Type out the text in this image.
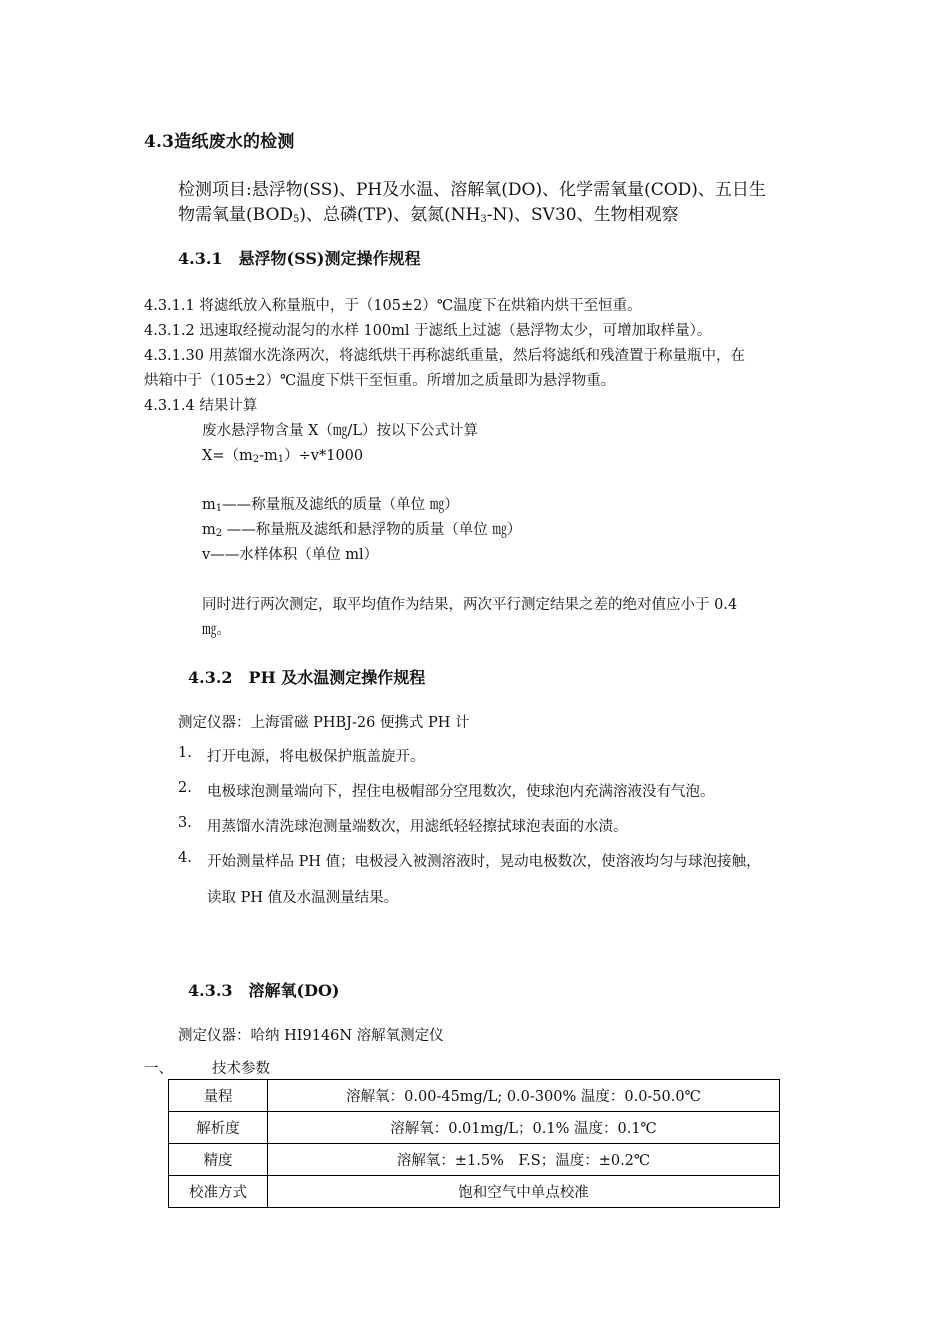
4.3造纸废水的检测
检测项目:悬浮物(SS)、PH及水温、溶解氧(DO)、化学需氧量(COD)、五日生
物需氧量$(BOD_5)$、总磷(TP)、氨氮$(NH_3-N)$、SV30、生物相观察
4.3.1　悬浮物(SS)测定操作规程
4.3.1.1 将滤纸放入称量瓶中，于（105±2）℃温度下在烘箱内烘干至恒重。
4.3.1.2 迅速取经搅动混匀的水样 100ml 于滤纸上过滤（悬浮物太少，可增加取样量）。
4.3.1.30 用蒸馏水洗涤两次，将滤纸烘干再称滤纸重量，然后将滤纸和残渣置于称量瓶中，在
烘箱中于（105±2）℃温度下烘干至恒重。所增加之质量即为悬浮物重。
4.3.1.4 结果计算
废水悬浮物含量 X（㎎/L）按以下公式计算
$X=(m_2-m_1)\div v*1000$
$m_1——$称量瓶及滤纸的质量（单位 ㎎）
$m_2$ ——称量瓶及滤纸和悬浮物的质量（单位 ㎎）
v——水样体积（单位 ml）
同时进行两次测定，取平均值作为结果，两次平行测定结果之差的绝对值应小于 0.4
㎎。
4.3.2　PH 及水温测定操作规程
测定仪器：上海雷磁 PHBJ-26 便携式 PH 计
1. 打开电源，将电极保护瓶盖旋开。
2. 电极球泡测量端向下，捏住电极帽部分空甩数次，使球泡内充满溶液没有气泡。
3. 用蒸馏水清洗球泡测量端数次，用滤纸轻轻擦拭球泡表面的水渍。
4. 开始测量样品 PH 值；电极浸入被测溶液时，晃动电极数次，使溶液均匀与球泡接触，
读取 PH 值及水温测量结果。
4.3.3　溶解氧(DO)
测定仪器：哈纳 HI9146N 溶解氧测定仪
一、	技术参数
量程	溶解氧：0.00-45mg/L; 0.0-300% 温度：0.0-50.0℃
解析度	溶解氧：0.01mg/L；0.1% 温度：0.1℃
精度	溶解氧：±1.5%　F.S；温度：±0.2℃
校准方式	饱和空气中单点校准
